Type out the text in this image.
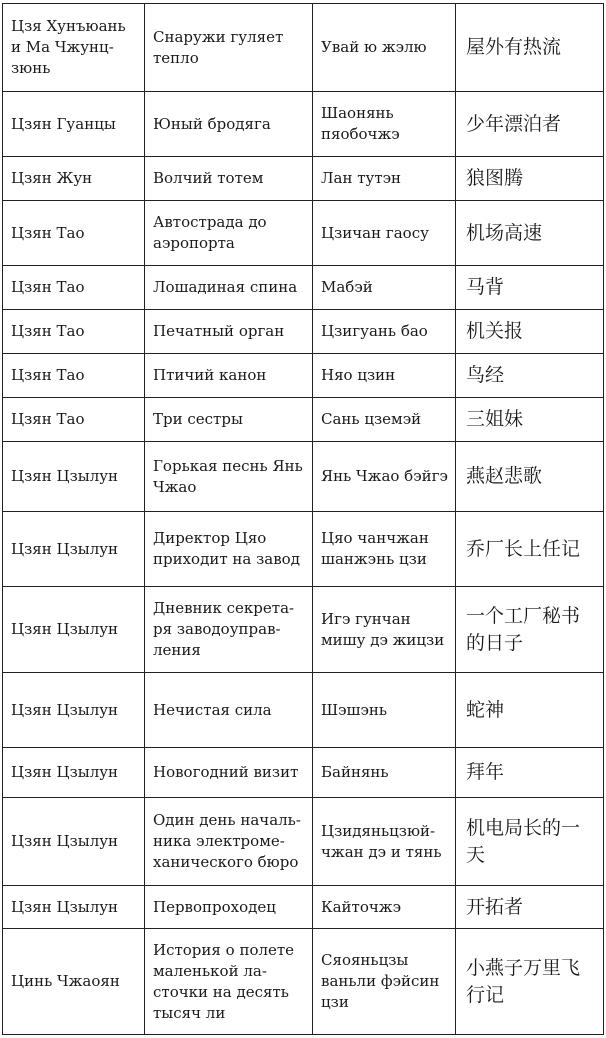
Цзя Хунъюань и Ма Чжунц-зюнь	Снаружи гуляет тепло	Увай ю жэлю	屋外有热流
Цзян Гуанцы	Юный бродяга	Шаонянь пяобочжэ	少年漂泊者
Цзян Жун	Волчий тотем	Лан тутэн	狼图腾
Цзян Тао	Автострада до аэропорта	Цзичан гаосу	机场高速
Цзян Тао	Лошадиная спина	Мабэй	马背
Цзян Тао	Печатный орган	Цзигуань бао	机关报
Цзян Тао	Птичий канон	Няо цзин	鸟经
Цзян Тао	Три сестры	Сань цземэй	三姐妹
Цзян Цзылун	Горькая песнь Янь Чжао	Янь Чжао бэйгэ	燕赵悲歌
Цзян Цзылун	Директор Цяо приходит на завод	Цяо чанчжан шанжэнь цзи	乔厂长上任记
Цзян Цзылун	Дневник секрета-ря заводоуправ-ления	Игэ гунчан мишу дэ жицзи	一个工厂秘书的日子
Цзян Цзылун	Нечистая сила	Шэшэнь	蛇神
Цзян Цзылун	Новогодний визит	Байнянь	拜年
Цзян Цзылун	Один день началь-ника электроме-ханического бюро	Цзидяньцзюй-чжан дэ и тянь	机电局长的一天
Цзян Цзылун	Первопроходец	Кайточжэ	开拓者
Цинь Чжаоян	История о полете маленькой ла-сточки на десять тысяч ли	Сяояньцзы ваньли фэйсин цзи	小燕子万里飞行记
